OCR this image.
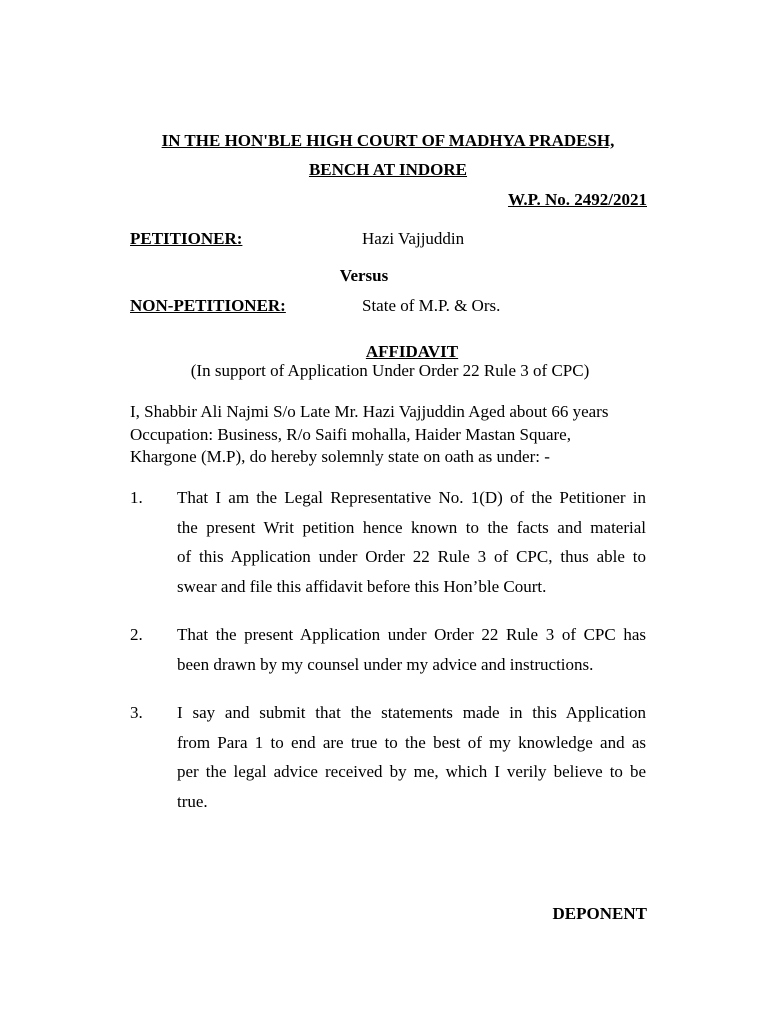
IN THE HON'BLE HIGH COURT OF MADHYA PRADESH,
BENCH AT INDORE
W.P. No. 2492/2021
PETITIONER:	Hazi Vajjuddin
Versus
NON-PETITIONER:	State of M.P. & Ors.
AFFIDAVIT
(In support of Application Under Order 22 Rule 3 of CPC)
I, Shabbir Ali Najmi S/o Late Mr. Hazi Vajjuddin Aged about 66 years
Occupation: Business, R/o Saifi mohalla, Haider Mastan Square,
Khargone (M.P), do hereby solemnly state on oath as under: -
1. That I am the Legal Representative No. 1(D) of the Petitioner in
the present Writ petition hence known to the facts and material
of this Application under Order 22 Rule 3 of CPC, thus able to
swear and file this affidavit before this Hon’ble Court.
2. That the present Application under Order 22 Rule 3 of CPC has
been drawn by my counsel under my advice and instructions.
3. I say and submit that the statements made in this Application
from Para 1 to end are true to the best of my knowledge and as
per the legal advice received by me, which I verily believe to be
true.
DEPONENT
